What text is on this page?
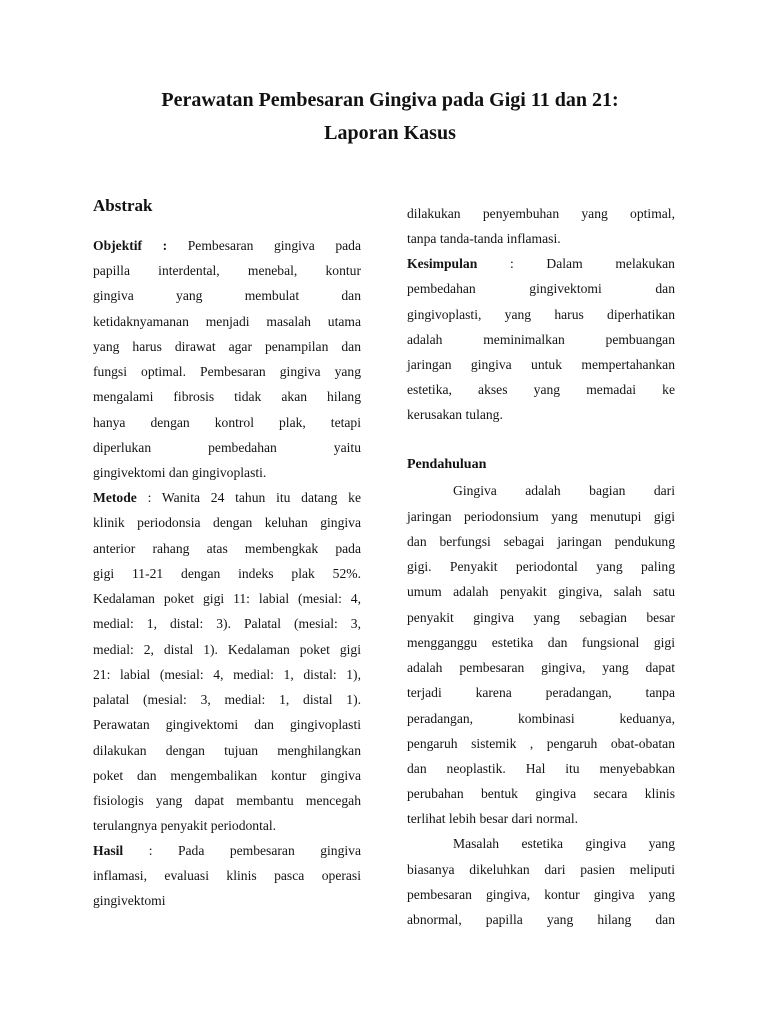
Perawatan Pembesaran Gingiva pada Gigi 11 dan 21:
Laporan Kasus
Abstrak
Objektif : Pembesaran gingiva pada
papilla interdental, menebal, kontur
gingiva yang membulat dan
ketidaknyamanan menjadi masalah utama
yang harus dirawat agar penampilan dan
fungsi optimal. Pembesaran gingiva yang
mengalami fibrosis tidak akan hilang
hanya dengan kontrol plak, tetapi
diperlukan pembedahan yaitu
gingivektomi dan gingivoplasti.
Metode : Wanita 24 tahun itu datang ke
klinik periodonsia dengan keluhan gingiva
anterior rahang atas membengkak pada
gigi 11-21 dengan indeks plak 52%.
Kedalaman poket gigi 11: labial (mesial: 4,
medial: 1, distal: 3). Palatal (mesial: 3,
medial: 2, distal 1). Kedalaman poket gigi
21: labial (mesial: 4, medial: 1, distal: 1),
palatal (mesial: 3, medial: 1, distal 1).
Perawatan gingivektomi dan gingivoplasti
dilakukan dengan tujuan menghilangkan
poket dan mengembalikan kontur gingiva
fisiologis yang dapat membantu mencegah
terulangnya penyakit periodontal.
Hasil : Pada pembesaran gingiva
inflamasi, evaluasi klinis pasca operasi
gingivektomi
dilakukan penyembuhan yang optimal,
tanpa tanda-tanda inflamasi.
Kesimpulan : Dalam melakukan
pembedahan gingivektomi dan
gingivoplasti, yang harus diperhatikan
adalah meminimalkan pembuangan
jaringan gingiva untuk mempertahankan
estetika, akses yang memadai ke
kerusakan tulang.
Pendahuluan
Gingiva adalah bagian dari
jaringan periodonsium yang menutupi gigi
dan berfungsi sebagai jaringan pendukung
gigi. Penyakit periodontal yang paling
umum adalah penyakit gingiva, salah satu
penyakit gingiva yang sebagian besar
mengganggu estetika dan fungsional gigi
adalah pembesaran gingiva, yang dapat
terjadi karena peradangan, tanpa
peradangan, kombinasi keduanya,
pengaruh sistemik , pengaruh obat-obatan
dan neoplastik. Hal itu menyebabkan
perubahan bentuk gingiva secara klinis
terlihat lebih besar dari normal.
Masalah estetika gingiva yang
biasanya dikeluhkan dari pasien meliputi
pembesaran gingiva, kontur gingiva yang
abnormal, papilla yang hilang dan
